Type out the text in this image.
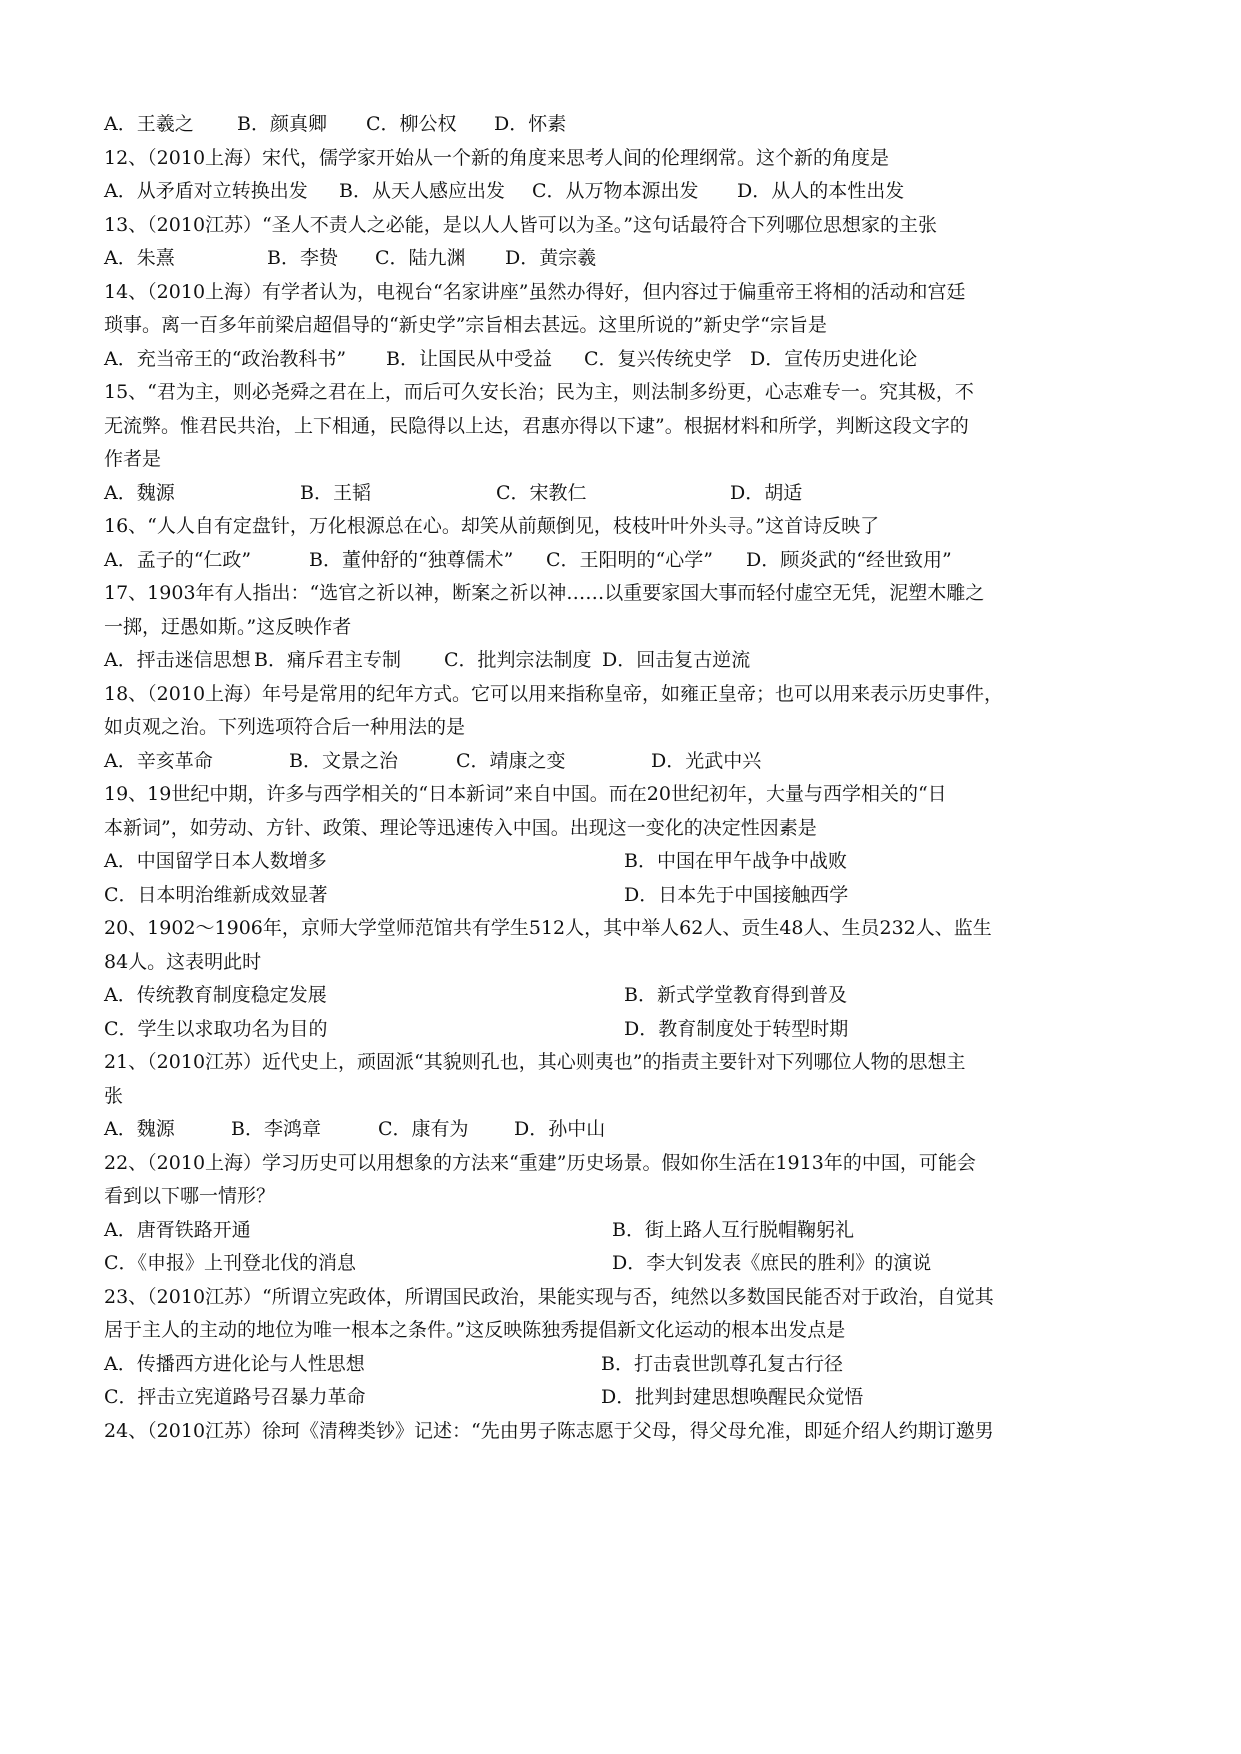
A．王羲之 B．颜真卿 C．柳公权 D．怀素
12、（2010上海）宋代，儒学家开始从一个新的角度来思考人间的伦理纲常。这个新的角度是
A．从矛盾对立转换出发 B．从天人感应出发 C．从万物本源出发 D．从人的本性出发
13、（2010江苏）“圣人不责人之必能，是以人人皆可以为圣。”这句话最符合下列哪位思想家的主张
A．朱熹	B．李贽 C．陆九渊 D．黄宗羲
14、（2010上海）有学者认为，电视台“名家讲座”虽然办得好，但内容过于偏重帝王将相的活动和宫廷
琐事。离一百多年前梁启超倡导的“新史学”宗旨相去甚远。这里所说的”新史学“宗旨是
A．充当帝王的“政治教科书” B．让国民从中受益 C．复兴传统史学 D．宣传历史进化论
15、“君为主，则必尧舜之君在上，而后可久安长治；民为主，则法制多纷更，心志难专一。究其极，不
无流弊。惟君民共治，上下相通，民隐得以上达，君惠亦得以下逮”。根据材料和所学，判断这段文字的
作者是
A．魏源	B．王韬	C．宋教仁	D．胡适
16、“人人自有定盘针，万化根源总在心。却笑从前颠倒见，枝枝叶叶外头寻。”这首诗反映了
A．孟子的“仁政”	B．董仲舒的“独尊儒术” C．王阳明的“心学” D．顾炎武的“经世致用”
17、1903年有人指出：“选官之祈以神，断案之祈以神……以重要家国大事而轻付虚空无凭，泥塑木雕之
一掷，迂愚如斯。”这反映作者
A．抨击迷信思想 B．痛斥君主专制 C．批判宗法制度 D．回击复古逆流
18、（2010上海）年号是常用的纪年方式。它可以用来指称皇帝，如雍正皇帝；也可以用来表示历史事件，
如贞观之治。下列选项符合后一种用法的是
A．辛亥革命	B．文景之治	C．靖康之变	D．光武中兴
19、19世纪中期，许多与西学相关的“日本新词”来自中国。而在20世纪初年，大量与西学相关的“日
本新词”，如劳动、方针、政策、理论等迅速传入中国。出现这一变化的决定性因素是
A．中国留学日本人数增多	B．中国在甲午战争中战败
C．日本明治维新成效显著	D．日本先于中国接触西学
20、1902～1906年，京师大学堂师范馆共有学生512人，其中举人62人、贡生48人、生员232人、监生
84人。这表明此时
A．传统教育制度稳定发展	B．新式学堂教育得到普及
C．学生以求取功名为目的	D．教育制度处于转型时期
21、（2010江苏）近代史上，顽固派“其貌则孔也，其心则夷也”的指责主要针对下列哪位人物的思想主
张
A．魏源	B．李鸿章	C．康有为 D．孙中山
22、（2010上海）学习历史可以用想象的方法来“重建”历史场景。假如你生活在1913年的中国，可能会
看到以下哪一情形？
A．唐胥铁路开通	B．街上路人互行脱帽鞠躬礼
C．《申报》上刊登北伐的消息	D．李大钊发表《庶民的胜利》的演说
23、（2010江苏）“所谓立宪政体，所谓国民政治，果能实现与否，纯然以多数国民能否对于政治，自觉其
居于主人的主动的地位为唯一根本之条件。”这反映陈独秀提倡新文化运动的根本出发点是
A．传播西方进化论与人性思想	B．打击袁世凯尊孔复古行径
C．抨击立宪道路号召暴力革命	D．批判封建思想唤醒民众觉悟
24、（2010江苏）徐珂《清稗类钞》记述：“先由男子陈志愿于父母，得父母允准，即延介绍人约期订邀男
